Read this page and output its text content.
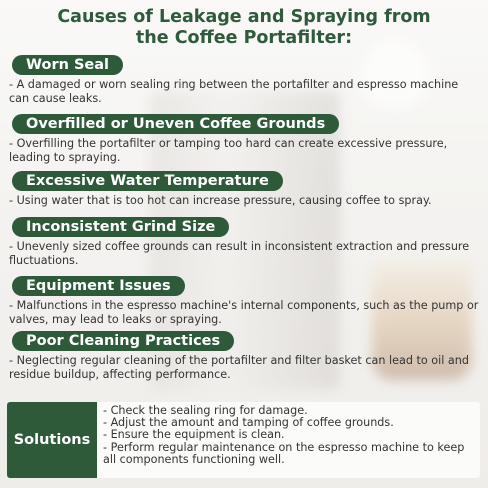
Causes of Leakage and Spraying from
the Coffee Portafilter:
Worn Seal
- A damaged or worn sealing ring between the portafilter and espresso machine can cause leaks.
Overfilled or Uneven Coffee Grounds
- Overfilling the portafilter or tamping too hard can create excessive pressure, leading to spraying.
Excessive Water Temperature
- Using water that is too hot can increase pressure, causing coffee to spray.
Inconsistent Grind Size
- Unevenly sized coffee grounds can result in inconsistent extraction and pressure fluctuations.
Equipment Issues
- Malfunctions in the espresso machine's internal components, such as the pump or valves, may lead to leaks or spraying.
Poor Cleaning Practices
- Neglecting regular cleaning of the portafilter and filter basket can lead to oil and residue buildup, affecting performance.
Solutions
- Check the sealing ring for damage.
- Adjust the amount and tamping of coffee grounds.
- Ensure the equipment is clean.
- Perform regular maintenance on the espresso machine to keep all components functioning well.
